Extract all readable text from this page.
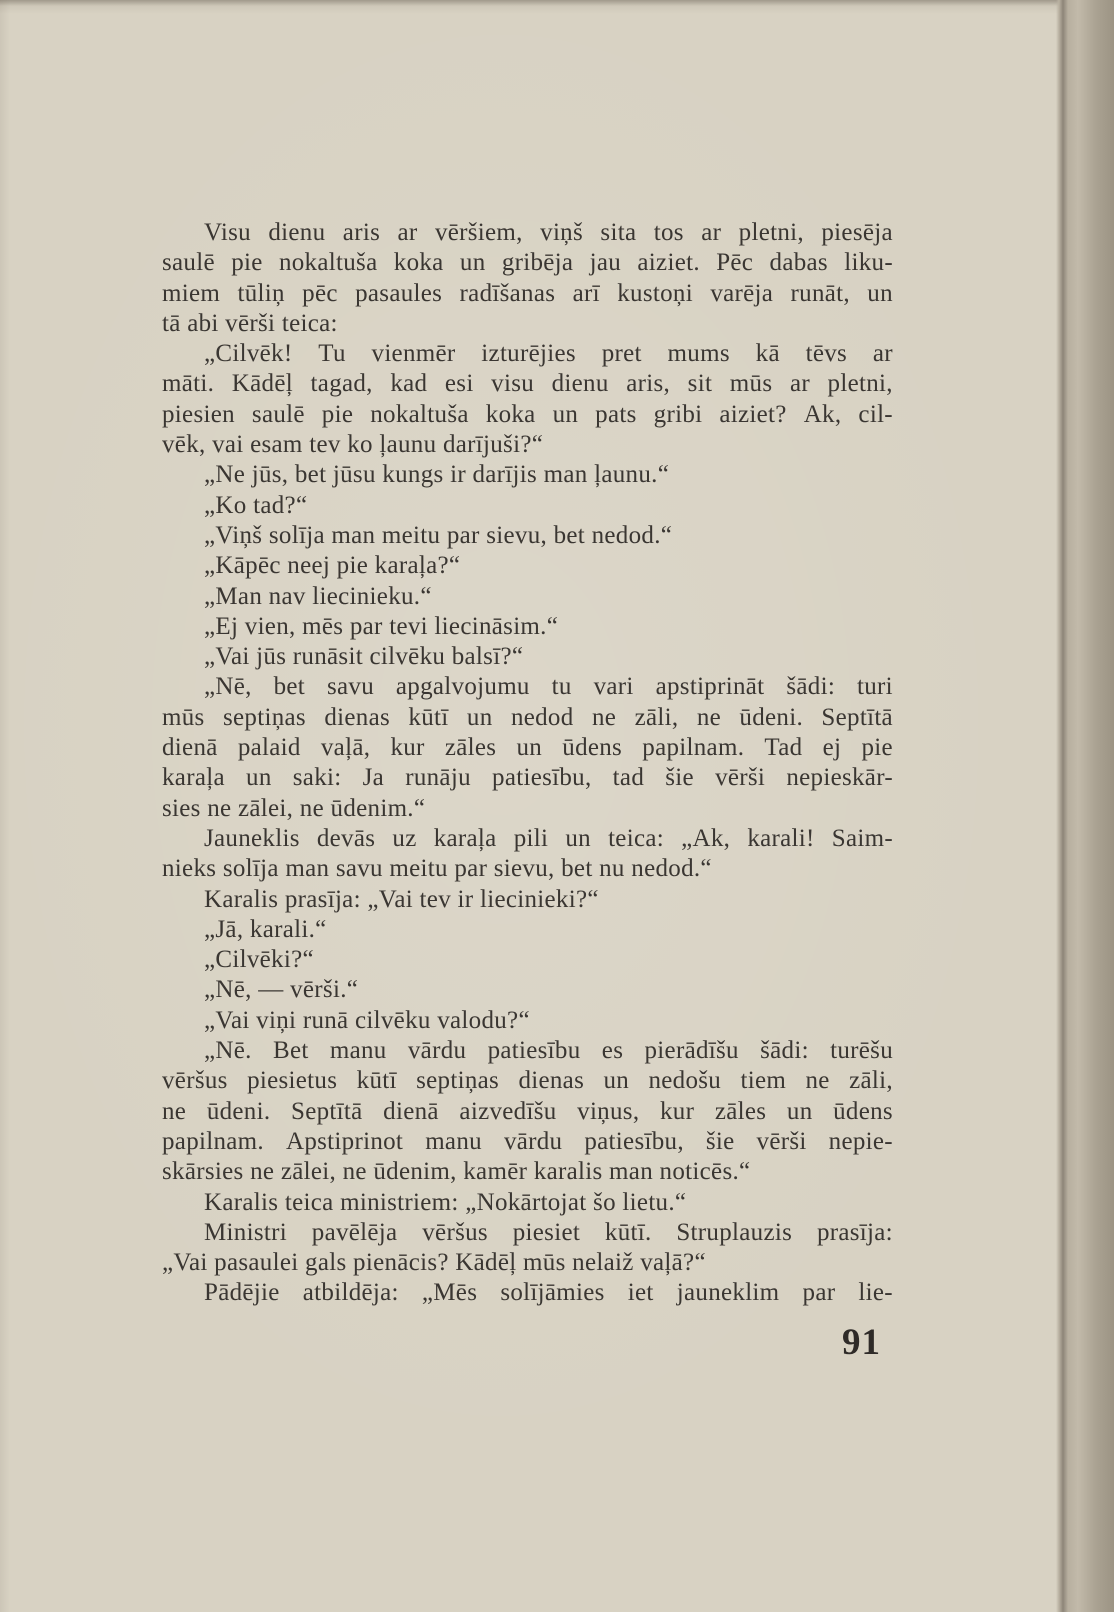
Visu dienu aris ar vēršiem, viņš sita tos ar pletni, piesēja
saulē pie nokaltuša koka un gribēja jau aiziet. Pēc dabas liku-
miem tūliņ pēc pasaules radīšanas arī kustoņi varēja runāt, un
tā abi vērši teica:
„Cilvēk! Tu vienmēr izturējies pret mums kā tēvs ar
māti. Kādēļ tagad, kad esi visu dienu aris, sit mūs ar pletni,
piesien saulē pie nokaltuša koka un pats gribi aiziet? Ak, cil-
vēk, vai esam tev ko ļaunu darījuši?“
„Ne jūs, bet jūsu kungs ir darījis man ļaunu.“
„Ko tad?“
„Viņš solīja man meitu par sievu, bet nedod.“
„Kāpēc neej pie karaļa?“
„Man nav liecinieku.“
„Ej vien, mēs par tevi liecināsim.“
„Vai jūs runāsit cilvēku balsī?“
„Nē, bet savu apgalvojumu tu vari apstiprināt šādi: turi
mūs septiņas dienas kūtī un nedod ne zāli, ne ūdeni. Septītā
dienā palaid vaļā, kur zāles un ūdens papilnam. Tad ej pie
karaļa un saki: Ja runāju patiesību, tad šie vērši nepieskār-
sies ne zālei, ne ūdenim.“
Jauneklis devās uz karaļa pili un teica: „Ak, karali! Saim-
nieks solīja man savu meitu par sievu, bet nu nedod.“
Karalis prasīja: „Vai tev ir liecinieki?“
„Jā, karali.“
„Cilvēki?“
„Nē, — vērši.“
„Vai viņi runā cilvēku valodu?“
„Nē. Bet manu vārdu patiesību es pierādīšu šādi: turēšu
vēršus piesietus kūtī septiņas dienas un nedošu tiem ne zāli,
ne ūdeni. Septītā dienā aizvedīšu viņus, kur zāles un ūdens
papilnam. Apstiprinot manu vārdu patiesību, šie vērši nepie-
skārsies ne zālei, ne ūdenim, kamēr karalis man noticēs.“
Karalis teica ministriem: „Nokārtojat šo lietu.“
Ministri pavēlēja vēršus piesiet kūtī. Struplauzis prasīja:
„Vai pasaulei gals pienācis? Kādēļ mūs nelaiž vaļā?“
Pādējie atbildēja: „Mēs solījāmies iet jauneklim par lie-
91
